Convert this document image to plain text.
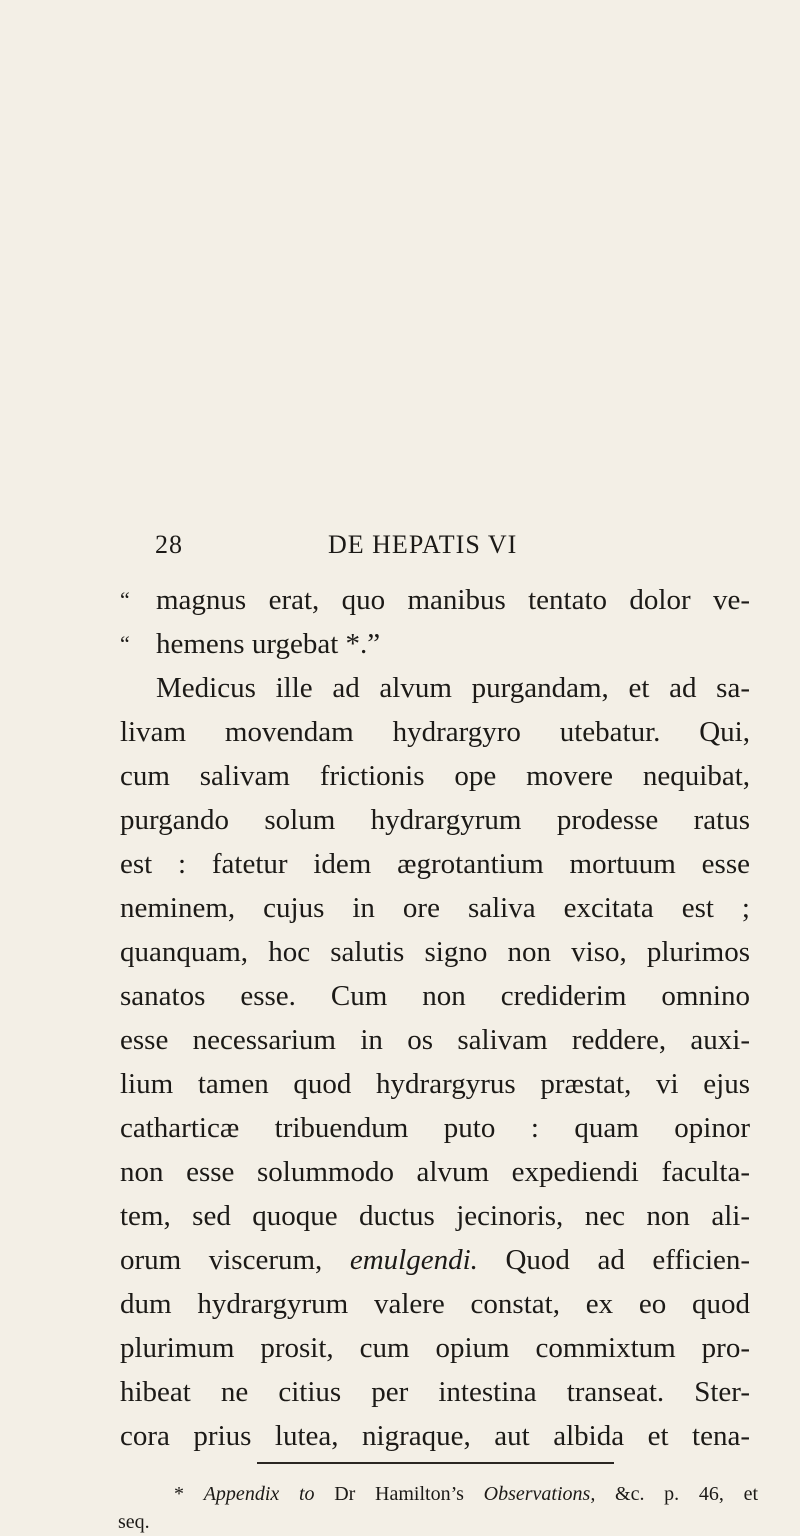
28	DE HEPATIS VI
“ magnus erat, quo manibus tentato dolor ve-
“ hemens urgebat *.”
Medicus ille ad alvum purgandam, et ad sa-
livam movendam hydrargyro utebatur. Qui,
cum salivam frictionis ope movere nequibat,
purgando solum hydrargyrum prodesse ratus
est : fatetur idem ægrotantium mortuum esse
neminem, cujus in ore saliva excitata est ;
quanquam, hoc salutis signo non viso, plurimos
sanatos esse. Cum non crediderim omnino
esse necessarium in os salivam reddere, auxi-
lium tamen quod hydrargyrus præstat, vi ejus
catharticæ tribuendum puto : quam opinor
non esse solummodo alvum expediendi faculta-
tem, sed quoque ductus jecinoris, nec non ali-
orum viscerum, emulgendi. Quod ad efficien-
dum hydrargyrum valere constat, ex eo quod
plurimum prosit, cum opium commixtum pro-
hibeat ne citius per intestina transeat. Ster-
cora prius lutea, nigraque, aut albida et tena-
* Appendix to Dr Hamilton’s Observations, &c. p. 46, et
seq.
